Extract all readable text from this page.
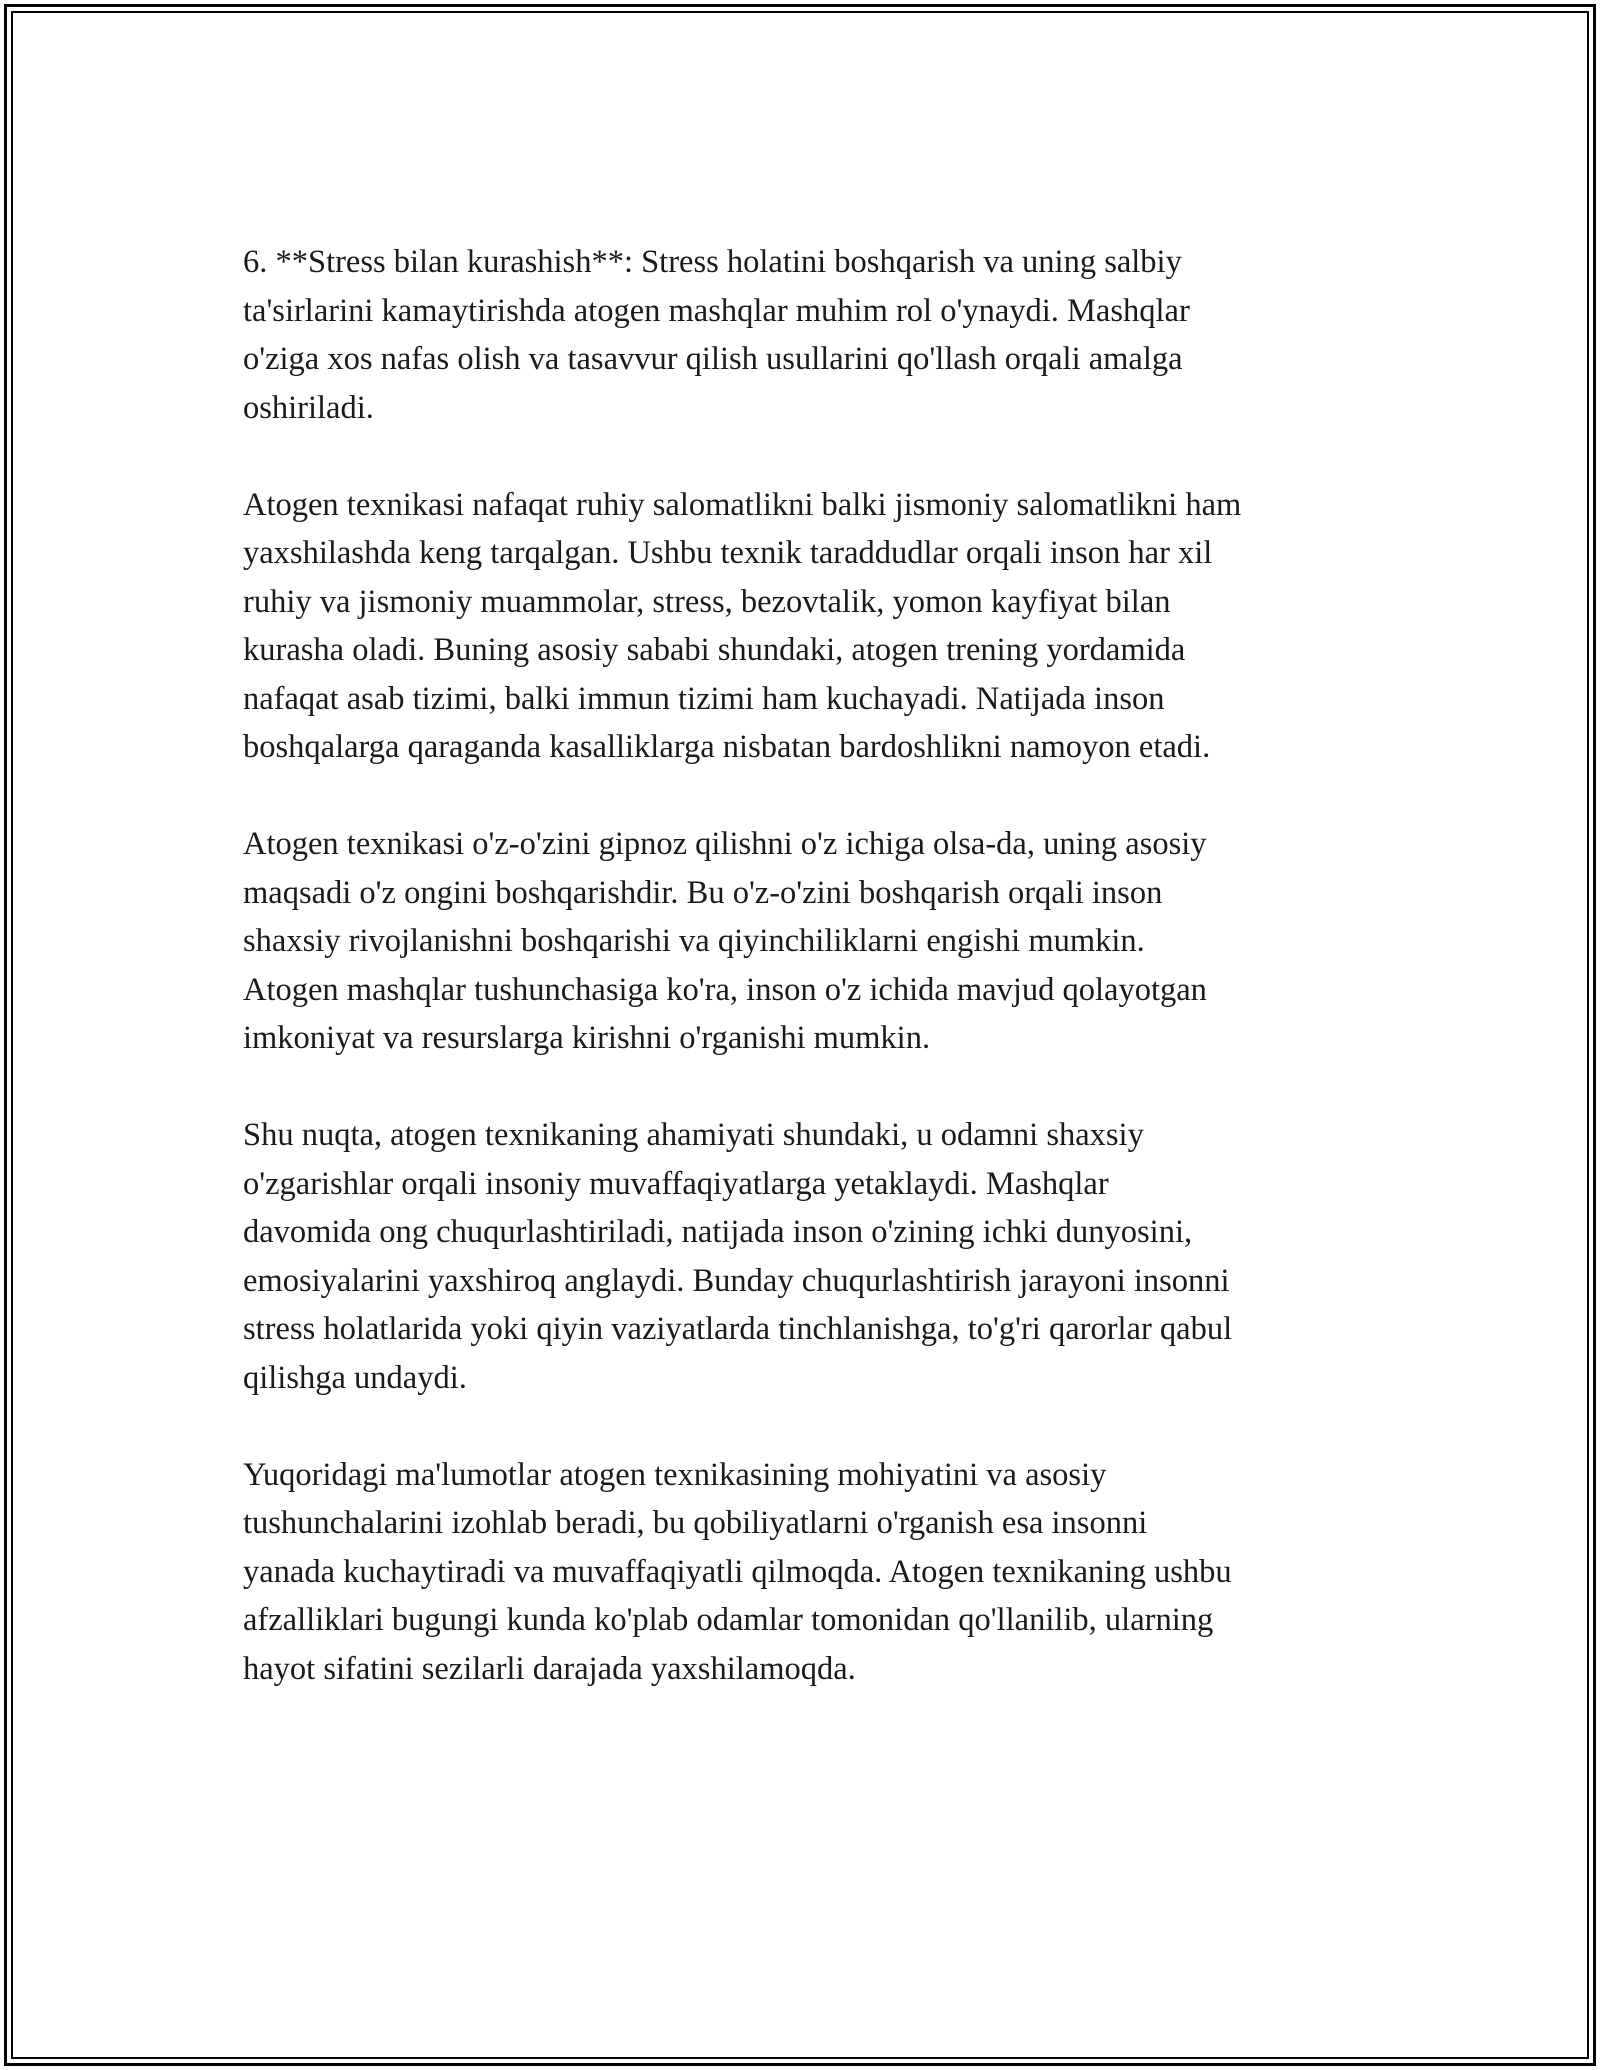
6. **Stress bilan kurashish**: Stress holatini boshqarish va uning salbiy
ta'sirlarini kamaytirishda atogen mashqlar muhim rol o'ynaydi. Mashqlar
o'ziga xos nafas olish va tasavvur qilish usullarini qo'llash orqali amalga
oshiriladi.

Atogen texnikasi nafaqat ruhiy salomatlikni balki jismoniy salomatlikni ham
yaxshilashda keng tarqalgan. Ushbu texnik taraddudlar orqali inson har xil
ruhiy va jismoniy muammolar, stress, bezovtalik, yomon kayfiyat bilan
kurasha oladi. Buning asosiy sababi shundaki, atogen trening yordamida
nafaqat asab tizimi, balki immun tizimi ham kuchayadi. Natijada inson
boshqalarga qaraganda kasalliklarga nisbatan bardoshlikni namoyon etadi.

Atogen texnikasi o'z-o'zini gipnoz qilishni o'z ichiga olsa-da, uning asosiy
maqsadi o'z ongini boshqarishdir. Bu o'z-o'zini boshqarish orqali inson
shaxsiy rivojlanishni boshqarishi va qiyinchiliklarni engishi mumkin.
Atogen mashqlar tushunchasiga ko'ra, inson o'z ichida mavjud qolayotgan
imkoniyat va resurslarga kirishni o'rganishi mumkin.

Shu nuqta, atogen texnikaning ahamiyati shundaki, u odamni shaxsiy
o'zgarishlar orqali insoniy muvaffaqiyatlarga yetaklaydi. Mashqlar
davomida ong chuqurlashtiriladi, natijada inson o'zining ichki dunyosini,
emosiyalarini yaxshiroq anglaydi. Bunday chuqurlashtirish jarayoni insonni
stress holatlarida yoki qiyin vaziyatlarda tinchlanishga, to'g'ri qarorlar qabul
qilishga undaydi.

Yuqoridagi ma'lumotlar atogen texnikasining mohiyatini va asosiy
tushunchalarini izohlab beradi, bu qobiliyatlarni o'rganish esa insonni
yanada kuchaytiradi va muvaffaqiyatli qilmoqda. Atogen texnikaning ushbu
afzalliklari bugungi kunda ko'plab odamlar tomonidan qo'llanilib, ularning
hayot sifatini sezilarli darajada yaxshilamoqda.
